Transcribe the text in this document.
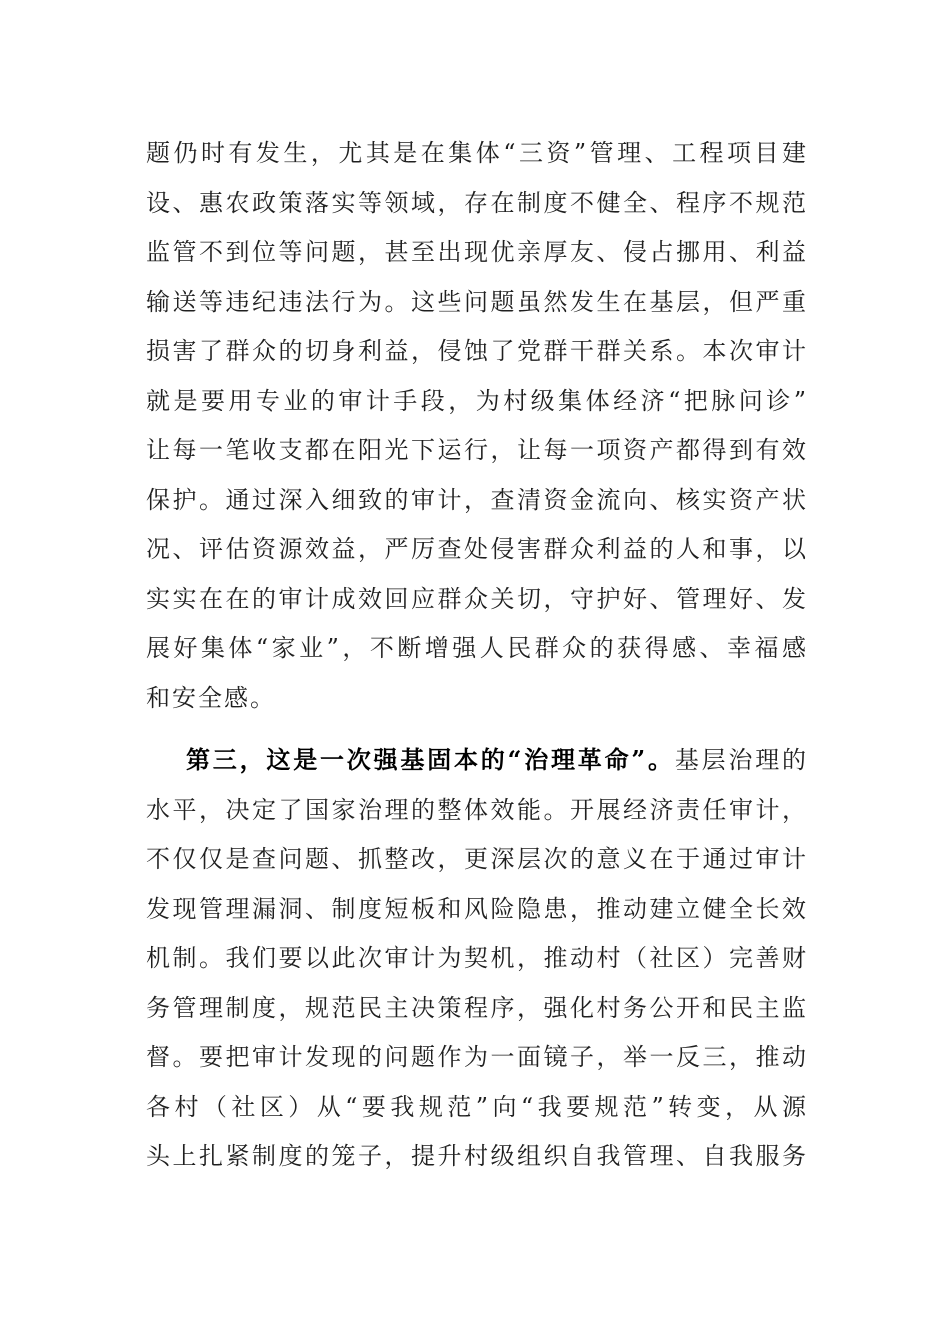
题仍时有发生，尤其是在集体“三资”管理、工程项目建
设、惠农政策落实等领域，存在制度不健全、程序不规范
监管不到位等问题，甚至出现优亲厚友、侵占挪用、利益
输送等违纪违法行为。这些问题虽然发生在基层，但严重
损害了群众的切身利益，侵蚀了党群干群关系。本次审计
就是要用专业的审计手段，为村级集体经济“把脉问诊”
让每一笔收支都在阳光下运行，让每一项资产都得到有效
保护。通过深入细致的审计，查清资金流向、核实资产状
况、评估资源效益，严厉查处侵害群众利益的人和事，以
实实在在的审计成效回应群众关切，守护好、管理好、发
展好集体“家业”，不断增强人民群众的获得感、幸福感
和安全感。
第三，这是一次强基固本的“治理革命”。基层治理的
水平，决定了国家治理的整体效能。开展经济责任审计，
不仅仅是查问题、抓整改，更深层次的意义在于通过审计
发现管理漏洞、制度短板和风险隐患，推动建立健全长效
机制。我们要以此次审计为契机，推动村（社区）完善财
务管理制度，规范民主决策程序，强化村务公开和民主监
督。要把审计发现的问题作为一面镜子，举一反三，推动
各村（社区）从“要我规范”向“我要规范”转变，从源
头上扎紧制度的笼子，提升村级组织自我管理、自我服务
